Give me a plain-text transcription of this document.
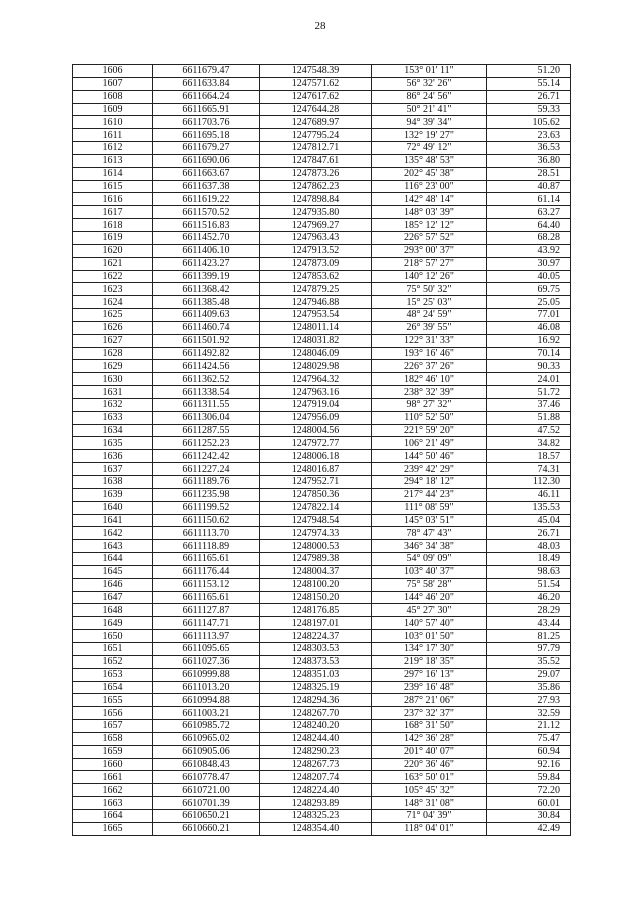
28
1606	6611679.47	1247548.39	153° 01' 11"	51.20
1607	6611633.84	1247571.62	56° 32' 26"	55.14
1608	6611664.24	1247617.62	86° 24' 56"	26.71
1609	6611665.91	1247644.28	50° 21' 41"	59.33
1610	6611703.76	1247689.97	94° 39' 34"	105.62
1611	6611695.18	1247795.24	132° 19' 27"	23.63
1612	6611679.27	1247812.71	72° 49' 12"	36.53
1613	6611690.06	1247847.61	135° 48' 53"	36.80
1614	6611663.67	1247873.26	202° 45' 38"	28.51
1615	6611637.38	1247862.23	116° 23' 00"	40.87
1616	6611619.22	1247898.84	142° 48' 14"	61.14
1617	6611570.52	1247935.80	148° 03' 39"	63.27
1618	6611516.83	1247969.27	185° 12' 12"	64.40
1619	6611452.70	1247963.43	226° 57' 52"	68.28
1620	6611406.10	1247913.52	293° 00' 37"	43.92
1621	6611423.27	1247873.09	218° 57' 27"	30.97
1622	6611399.19	1247853.62	140° 12' 26"	40.05
1623	6611368.42	1247879.25	75° 50' 32"	69.75
1624	6611385.48	1247946.88	15° 25' 03"	25.05
1625	6611409.63	1247953.54	48° 24' 59"	77.01
1626	6611460.74	1248011.14	26° 39' 55"	46.08
1627	6611501.92	1248031.82	122° 31' 33"	16.92
1628	6611492.82	1248046.09	193° 16' 46"	70.14
1629	6611424.56	1248029.98	226° 37' 26"	90.33
1630	6611362.52	1247964.32	182° 46' 10"	24.01
1631	6611338.54	1247963.16	238° 32' 39"	51.72
1632	6611311.55	1247919.04	98° 27' 32"	37.46
1633	6611306.04	1247956.09	110° 52' 50"	51.88
1634	6611287.55	1248004.56	221° 59' 20"	47.52
1635	6611252.23	1247972.77	106° 21' 49"	34.82
1636	6611242.42	1248006.18	144° 50' 46"	18.57
1637	6611227.24	1248016.87	239° 42' 29"	74.31
1638	6611189.76	1247952.71	294° 18' 12"	112.30
1639	6611235.98	1247850.36	217° 44' 23"	46.11
1640	6611199.52	1247822.14	111° 08' 59"	135.53
1641	6611150.62	1247948.54	145° 03' 51"	45.04
1642	6611113.70	1247974.33	78° 47' 43"	26.71
1643	6611118.89	1248000.53	346° 34' 38"	48.03
1644	6611165.61	1247989.38	54° 09' 09"	18.49
1645	6611176.44	1248004.37	103° 40' 37"	98.63
1646	6611153.12	1248100.20	75° 58' 28"	51.54
1647	6611165.61	1248150.20	144° 46' 20"	46.20
1648	6611127.87	1248176.85	45° 27' 30"	28.29
1649	6611147.71	1248197.01	140° 57' 40"	43.44
1650	6611113.97	1248224.37	103° 01' 50"	81.25
1651	6611095.65	1248303.53	134° 17' 30"	97.79
1652	6611027.36	1248373.53	219° 18' 35"	35.52
1653	6610999.88	1248351.03	297° 16' 13"	29.07
1654	6611013.20	1248325.19	239° 16' 48"	35.86
1655	6610994.88	1248294.36	287° 21' 06"	27.93
1656	6611003.21	1248267.70	237° 32' 37"	32.59
1657	6610985.72	1248240.20	168° 31' 50"	21.12
1658	6610965.02	1248244.40	142° 36' 28"	75.47
1659	6610905.06	1248290.23	201° 40' 07"	60.94
1660	6610848.43	1248267.73	220° 36' 46"	92.16
1661	6610778.47	1248207.74	163° 50' 01"	59.84
1662	6610721.00	1248224.40	105° 45' 32"	72.20
1663	6610701.39	1248293.89	148° 31' 08"	60.01
1664	6610650.21	1248325.23	71° 04' 39"	30.84
1665	6610660.21	1248354.40	118° 04' 01"	42.49
